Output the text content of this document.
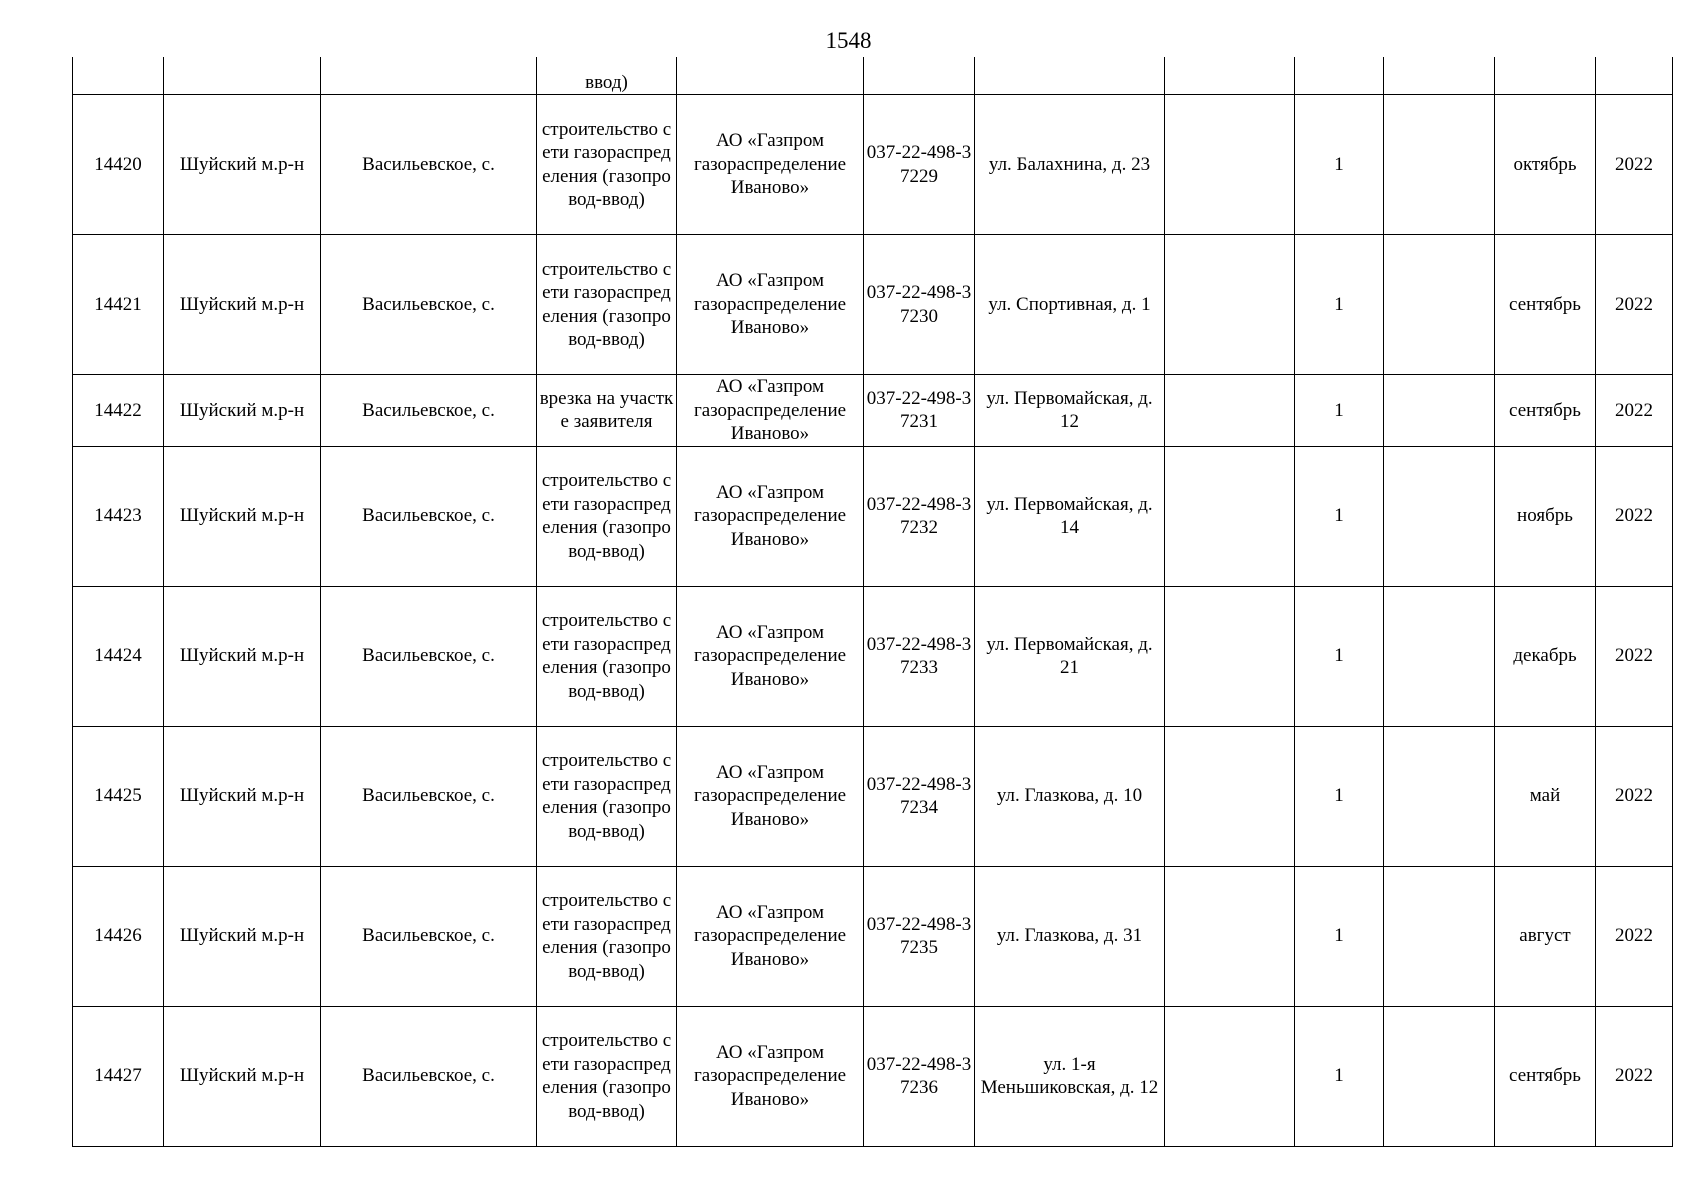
1548
			ввод)								
14420	Шуйский м.р-н	Васильевское, с.	строительство сети газораспределения (газопровод-ввод)	АО «Газпром газораспределение Иваново»	037-22-498-37229	ул. Балахнина, д. 23		1		октябрь	2022
14421	Шуйский м.р-н	Васильевское, с.	строительство сети газораспределения (газопровод-ввод)	АО «Газпром газораспределение Иваново»	037-22-498-37230	ул. Спортивная, д. 1		1		сентябрь	2022
14422	Шуйский м.р-н	Васильевское, с.	врезка на участке заявителя	АО «Газпром газораспределение Иваново»	037-22-498-37231	ул. Первомайская, д. 12		1		сентябрь	2022
14423	Шуйский м.р-н	Васильевское, с.	строительство сети газораспределения (газопровод-ввод)	АО «Газпром газораспределение Иваново»	037-22-498-37232	ул. Первомайская, д. 14		1		ноябрь	2022
14424	Шуйский м.р-н	Васильевское, с.	строительство сети газораспределения (газопровод-ввод)	АО «Газпром газораспределение Иваново»	037-22-498-37233	ул. Первомайская, д. 21		1		декабрь	2022
14425	Шуйский м.р-н	Васильевское, с.	строительство сети газораспределения (газопровод-ввод)	АО «Газпром газораспределение Иваново»	037-22-498-37234	ул. Глазкова, д. 10		1		май	2022
14426	Шуйский м.р-н	Васильевское, с.	строительство сети газораспределения (газопровод-ввод)	АО «Газпром газораспределение Иваново»	037-22-498-37235	ул. Глазкова, д. 31		1		август	2022
14427	Шуйский м.р-н	Васильевское, с.	строительство сети газораспределения (газопровод-ввод)	АО «Газпром газораспределение Иваново»	037-22-498-37236	ул. 1-я Меньшиковская, д. 12		1		сентябрь	2022
